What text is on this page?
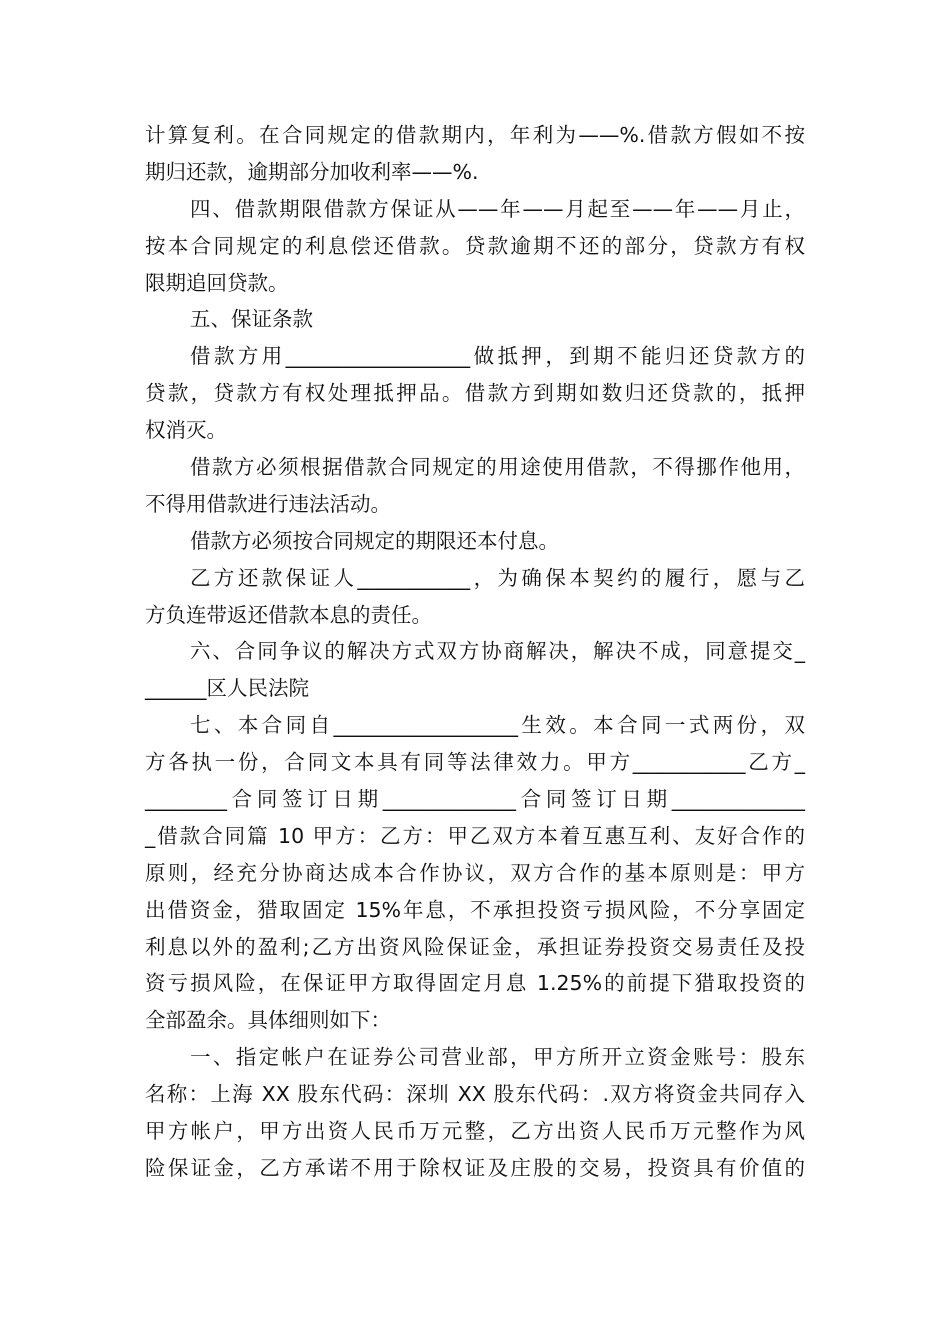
计算复利。在合同规定的借款期内，年利为——%.借款方假如不按
期归还款，逾期部分加收利率——%.
四、借款期限借款方保证从——年——月起至——年——月止，
按本合同规定的利息偿还借款。贷款逾期不还的部分，贷款方有权
限期追回贷款。
五、保证条款
借款方用__________________做抵押，到期不能归还贷款方的
贷款，贷款方有权处理抵押品。借款方到期如数归还贷款的，抵押
权消灭。
借款方必须根据借款合同规定的用途使用借款，不得挪作他用，
不得用借款进行违法活动。
借款方必须按合同规定的期限还本付息。
乙方还款保证人___________，为确保本契约的履行，愿与乙
方负连带返还借款本息的责任。
六、合同争议的解决方式双方协商解决，解决不成，同意提交_
______区人民法院
七、本合同自__________________生效。本合同一式两份，双
方各执一份，合同文本具有同等法律效力。甲方___________乙方_
________合同签订日期_____________合同签订日期_____________
_借款合同篇 10 甲方：乙方：甲乙双方本着互惠互利、友好合作的
原则，经充分协商达成本合作协议，双方合作的基本原则是：甲方
出借资金，猎取固定 15%年息，不承担投资亏损风险，不分享固定
利息以外的盈利;乙方出资风险保证金，承担证券投资交易责任及投
资亏损风险，在保证甲方取得固定月息 1.25%的前提下猎取投资的
全部盈余。具体细则如下：
一、指定帐户在证券公司营业部，甲方所开立资金账号：股东
名称：上海 XX 股东代码：深圳 XX 股东代码：.双方将资金共同存入
甲方帐户，甲方出资人民币万元整，乙方出资人民币万元整作为风
险保证金，乙方承诺不用于除权证及庄股的交易，投资具有价值的
